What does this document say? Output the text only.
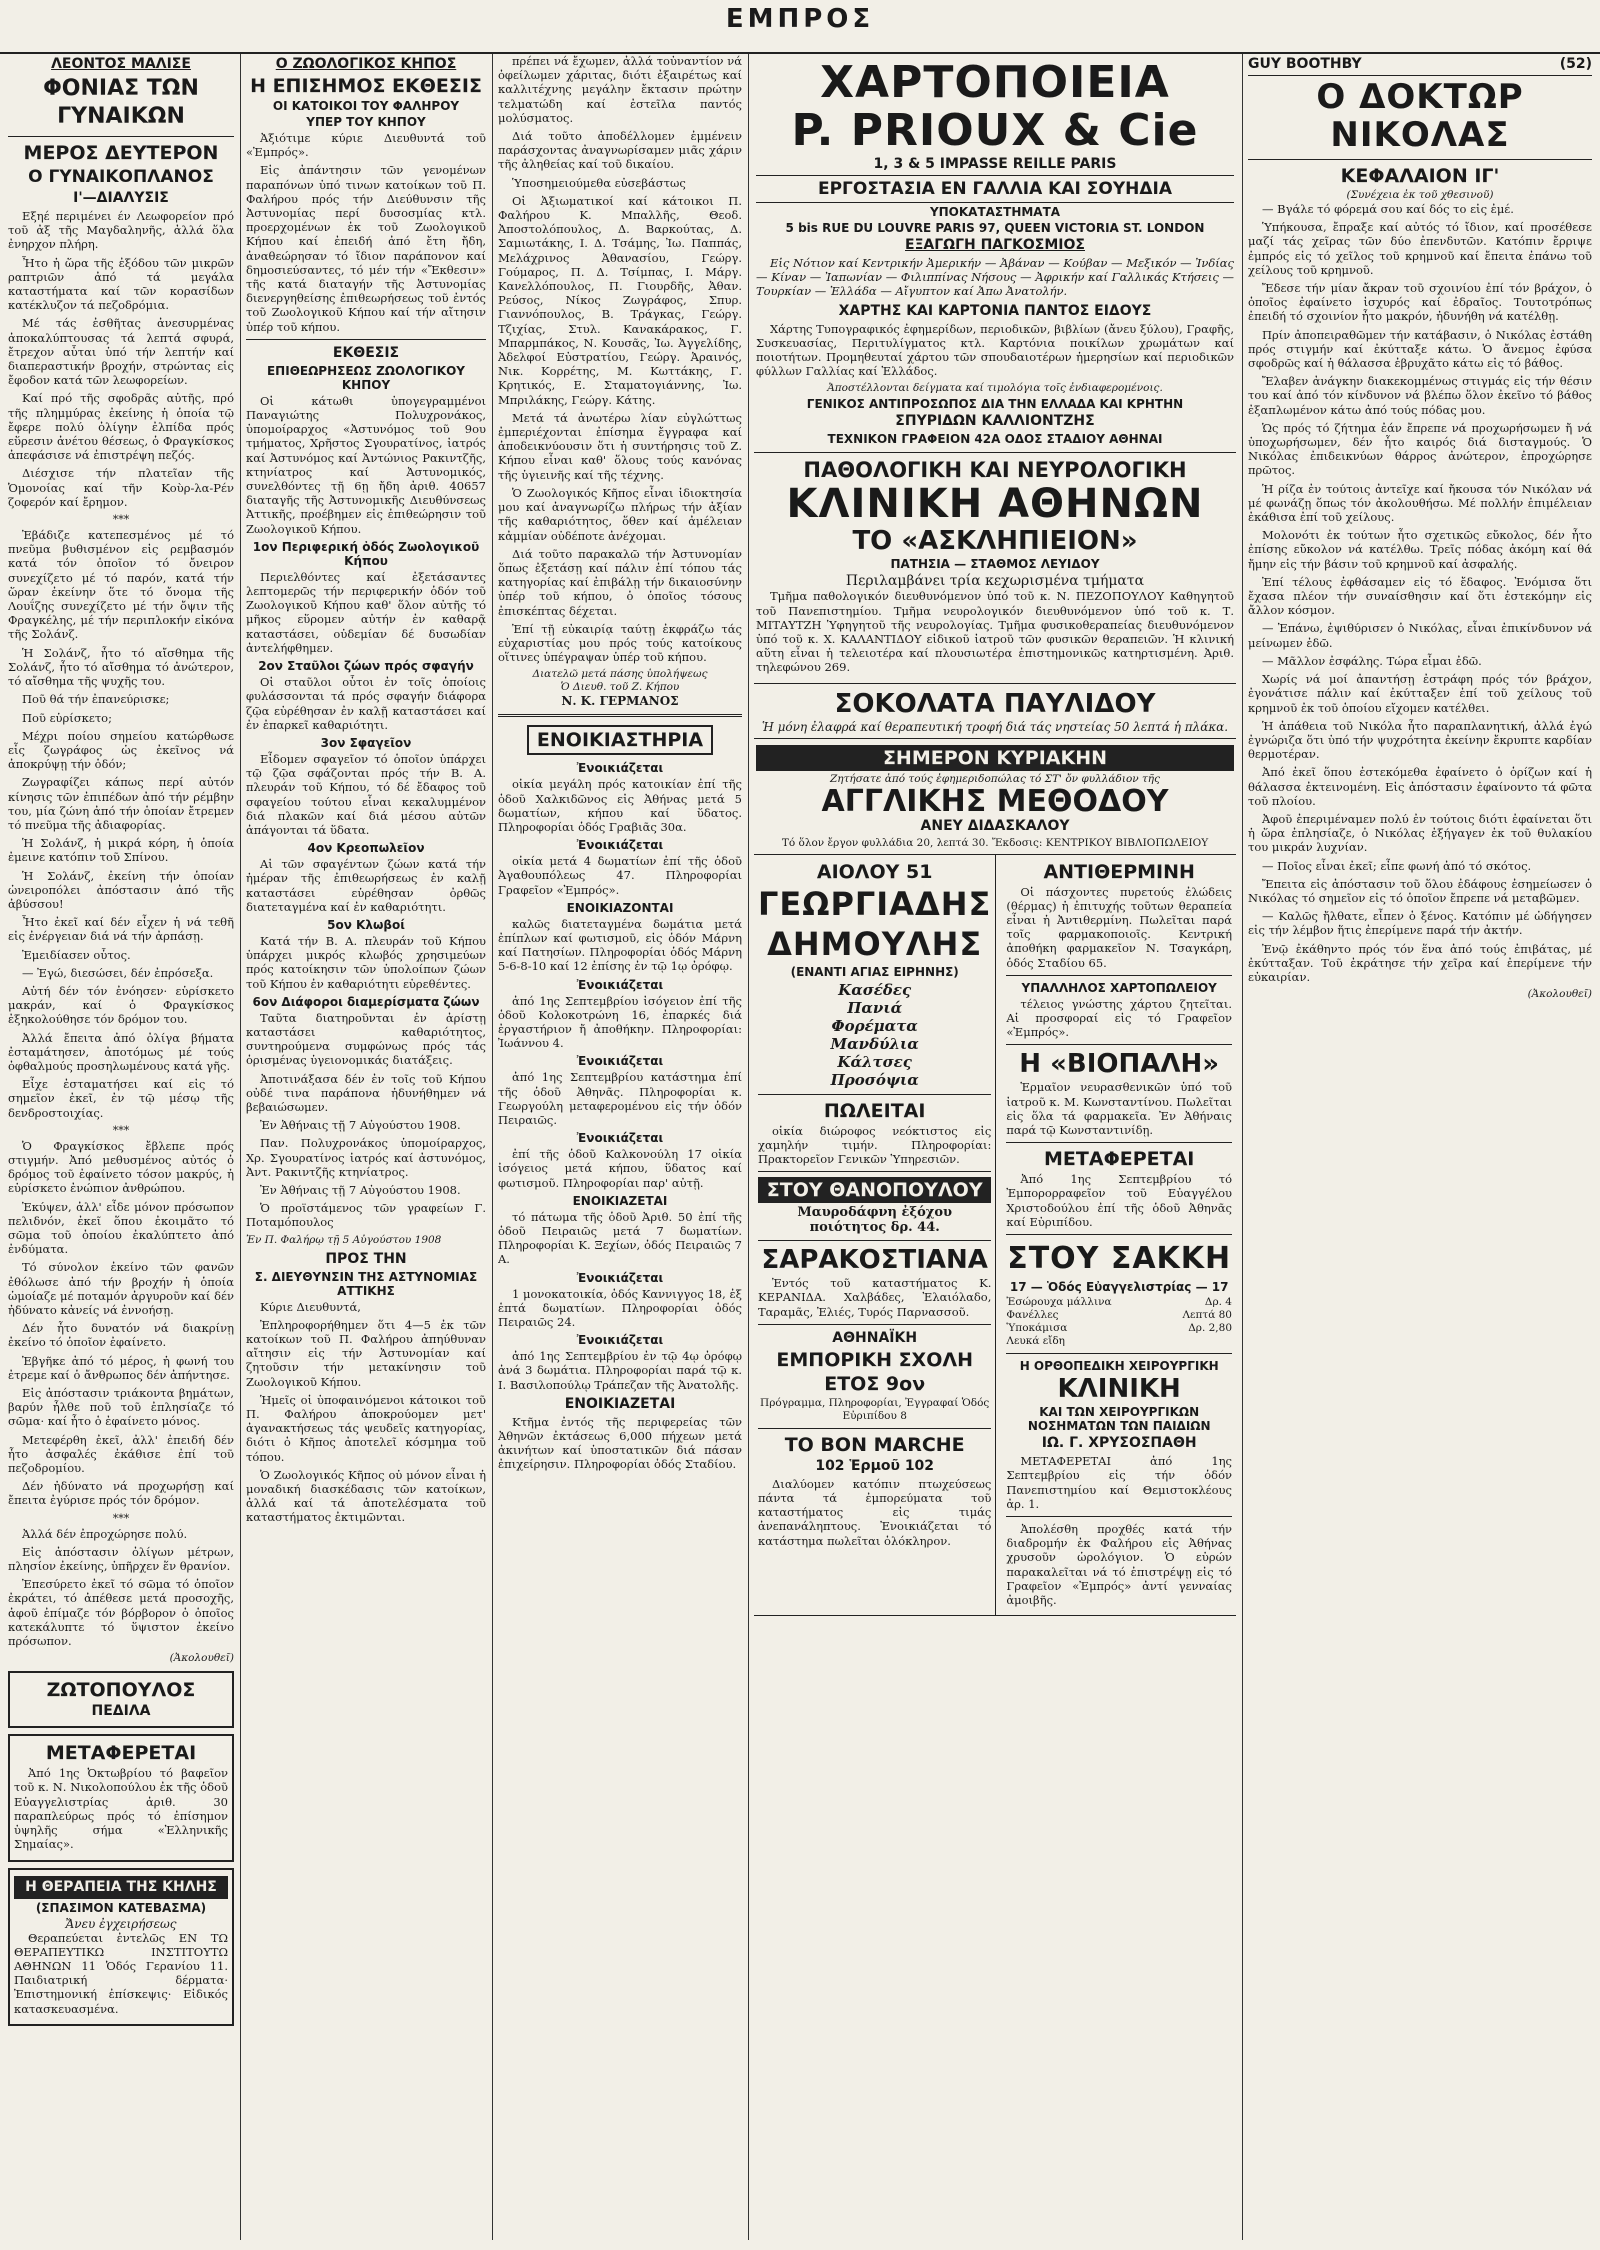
ΕΜΠΡΟΣ
ΛΕΟΝΤΟΣ ΜΑΛΙΣΕ
ΦΟΝΙΑΣ ΤΩΝ ΓΥΝΑΙΚΩΝ
ΜΕΡΟΣ ΔΕΥΤΕΡΟΝ
Ο ΓΥΝΑΙΚΟΠΛΑΝΟΣ
Ι'—ΔΙΑΛΥΣΙΣ

Εξηέ περιμένει έν Λεωφορείον πρό τοῦ ἀξ τῆς Μαγδαληνῆς, ἀλλά ὅλα ἐνηρχον πλήρη.

Ἦτο ἡ ὥρα τῆς ἐξόδου τῶν μικρῶν ραπτριῶν ἀπό τά μεγάλα καταστήματα καί τῶν κορασίδων κατέκλυζον τά πεζοδρόμια.

Μέ τάς ἐσθῆτας ἀνεσυρμένας ἀποκαλύπτουσας τά λεπτά σφυρά, ἔτρεχον αὗται ὑπό τήν λεπτήν καί διαπεραστικήν βροχήν, στρώντας εἰς ἔφοδον κατά τῶν λεωφορείων.

Καί πρό τῆς σφοδρᾶς αὐτῆς, πρό τῆς πλημμύρας ἐκείνης ἡ ὁποία τῷ ἔφερε πολύ ὀλίγην ἐλπίδα πρός εὕρεσιν ἀνέτου θέσεως, ὁ Φραγκίσκος ἀπεφάσισε νά ἐπιστρέψη πεζός.

Διέσχισε τήν πλατεῖαν τῆς Ὁμονοίας καί τῆν Κοὺρ-λα-Ρέν ζοφερόν καί ἔρημον.

***

Ἐβάδιζε κατεπεσμένος μέ τό πνεῦμα βυθισμένον εἰς ρεμβασμόν κατά τόν ὁποῖον τό ὄνειρον συνεχίζετο μέ τό παρόν, κατά τήν ὥραν ἐκείνην ὅτε τό ὄνομα τῆς Λουΐζης συνεχίζετο μέ τήν ὄψιν τῆς Φραγκέλης, μέ τήν περιπλοκήν εἰκόνα τῆς Σολάνζ.

Ἡ Σολάνζ, ἦτο τό αἴσθημα τῆς Σολάνζ, ἦτο τό αἴσθημα τό ἀνώτερον, τό αἴσθημα τῆς ψυχῆς του.

Ποῦ θά τήν ἐπανεύρισκε;

Ποῦ εὑρίσκετο;

Μέχρι ποίου σημείου κατώρθωσε εἷς ζωγράφος ὡς ἐκεῖνος νά ἀποκρύψῃ τήν ὁδόν;

Ζωγραφίζει κάπως περί αὐτόν κίνησις τῶν ἐπιπέδων ἀπό τήν ρέμβην του, μία ζώνη ἀπό τήν ὁποίαν ἔτρεμεν τό πνεῦμα τῆς ἀδιαφορίας.

Ἡ Σολάνζ, ἡ μικρά κόρη, ἡ ὁποία ἐμεινε κατόπιν τοῦ Σπίνου.

Ἡ Σολάνζ, ἐκείνη τήν ὁποίαν ὠνειροπόλει ἀπόστασιν ἀπό τῆς ἀβύσσου!

Ἦτο ἐκεῖ καί δέν εἶχεν ἡ νά τεθῆ εἰς ἐνέργειαν διά νά τήν ἀρπάσῃ.

Ἐμειδίασεν οὗτος.

— Ἐγώ, διεσώσει, δέν ἐπρόσεξα.

Αὐτή δέν τόν ἐνόησεν· εὑρίσκετο μακράν, καί ὁ Φραγκίσκος ἐξηκολούθησε τόν δρόμον του.

Ἀλλά ἔπειτα ἀπό ὀλίγα βήματα ἐσταμάτησεν, ἀποτόμως μέ τούς ὀφθαλμούς προσηλωμένους κατά γῆς.

Εἶχε ἐσταματήσει καί εἰς τό σημεῖον ἐκεῖ, ἐν τῷ μέσῳ τῆς δενδροστοιχίας.

***

Ὁ Φραγκίσκος ἔβλεπε πρός στιγμήν. Ἀπό μεθυσμένος αὐτός ὁ δρόμος τοῦ ἐφαίνετο τόσον μακρύς, ἡ εὑρίσκετο ἐνώπιον ἀνθρώπου.

Ἐκύψεν, ἀλλ' εἶδε μόνον πρόσωπον πελιδνόν, ἐκεῖ ὅπου ἐκοιμᾶτο τό σῶμα τοῦ ὁποίου ἐκαλύπτετο ἀπό ἐνδύματα.

Τό σύνολον ἐκείνο τῶν φανῶν ἐθόλωσε ἀπό τήν βροχήν ἡ ὁποία ὡμοίαζε μέ ποταμόν ἀργυροῦν καί δέν ἠδύνατο κἀνείς νά ἐννοήσῃ.

Δέν ἦτο δυνατόν νά διακρίνῃ ἐκείνο τό ὁποῖον ἐφαίνετο.

Ἐβγῆκε ἀπό τό μέρος, ἡ φωνή του ἐτρεμε καί ὁ ἄνθρωπος δέν ἀπήντησε.

Εἰς ἀπόστασιν τριάκοντα βημάτων, βαρύν ἦλθε ποῦ τοῦ ἐπλησίαζε τό σῶμα· καί ἦτο ὁ ἐφαίνετο μόνος.

Μετεφέρθη ἐκεῖ, ἀλλ' ἐπειδή δέν ἦτο ἀσφαλές ἐκάθισε ἐπί τοῦ πεζοδρομίου.

Δέν ἠδύνατο νά προχωρήσῃ καί ἔπειτα ἐγύρισε πρός τόν δρόμον.

***

Ἀλλά δέν ἐπροχώρησε πολύ.

Εἰς ἀπόστασιν ὀλίγων μέτρων, πλησίον ἐκείνης, ὑπῆρχεν ἕν θρανίον.

Ἐπεσύρετο ἐκεῖ τό σῶμα τό ὁποῖον ἐκράτει, τό ἀπέθεσε μετά προσοχῆς, ἀφοῦ ἐπίμαζε τόν βόρβορον ὁ ὁποῖος κατεκάλυπτε τό ὕψιστον ἐκείνο πρόσωπον.

(Ἀκολουθεῖ)
ΖΩΤΟΠΟΥΛΟΣ
ΠΕΔΙΛΑ
ΜΕΤΑΦΕΡΕΤΑΙ

Ἀπό 1ης Ὀκτωβρίου τό βαφεῖον τοῦ κ. Ν. Νικολοπούλου ἐκ τῆς ὁδοῦ Εὐαγγελιστρίας ἀριθ. 30 παραπλεύρως πρός τό ἐπίσημον ὑψηλῆς σήμα «Ἐλληνικῆς Σημαίας».

Η ΘΕΡΑΠΕΙΑ ΤΗΣ ΚΗΛΗΣ
(ΣΠΑΣΙΜΟΝ ΚΑΤΕΒΑΣΜΑ)
Ἄνευ ἐγχειρήσεως

Θεραπεύεται ἐντελῶς ΕΝ ΤΩ ΘΕΡΑΠΕΥΤΙΚΩ ΙΝΣΤΙΤΟΥΤΩ ΑΘΗΝΩΝ 11 Ὁδός Γερανίου 11. Παιδιατρική δέρματα· Ἐπιστημονική ἐπίσκεψις· Εἰδικός κατασκευασμένα.

Ο ΖΩΟΛΟΓΙΚΟΣ ΚΗΠΟΣ
Η ΕΠΙΣΗΜΟΣ ΕΚΘΕΣΙΣ
ΟΙ ΚΑΤΟΙΚΟΙ ΤΟΥ ΦΑΛΗΡΟΥ
ΥΠΕΡ ΤΟΥ ΚΗΠΟΥ

Ἀξιότιμε κύριε Διευθυντά τοῦ «Ἐμπρός».

Εἰς ἀπάντησιν τῶν γενομένων παραπόνων ὑπό τινων κατοίκων τοῦ Π. Φαλήρου πρός τήν Διεύθυνσιν τῆς Ἀστυνομίας περί δυσοσμίας κτλ. προερχομένων ἐκ τοῦ Ζωολογικοῦ Κήπου καί ἐπειδή ἀπό ἔτη ἤδη, ἀναθεώρησαν τό ἴδιον παράπονον καί δημοσιεύσαντες, τό μέν τήν «Ἔκθεσιν» τῆς κατά διαταγήν τῆς Ἀστυνομίας διενεργηθείσης ἐπιθεωρήσεως τοῦ ἐντός τοῦ Ζωολογικοῦ Κήπου καί τήν αἴτησιν ὑπέρ τοῦ κήπου.

ΕΚΘΕΣΙΣ
ΕΠΙΘΕΩΡΗΣΕΩΣ ΖΩΟΛΟΓΙΚΟΥ ΚΗΠΟΥ

Οἱ κάτωθι ὑπογεγραμμένοι Παναγιώτης Πολυχρονάκος, ὑπομοίραρχος «Ἀστυνόμος τοῦ 9ου τμήματος, Χρῆστος Σγουρατίνος, ἰατρός καί Ἀστυνόμος καί Ἀντώνιος Ρακιντζῆς, κτηνίατρος καί Ἀστυνομικός, συνελθόντες τῇ 6ῃ ἤδη ἀριθ. 40657 διαταγῆς τῆς Ἀστυνομικῆς Διευθύνσεως Ἀττικῆς, προέβημεν εἰς ἐπιθεώρησιν τοῦ Ζωολογικοῦ Κήπου.

1ον Περιφερική ὁδός Ζωολογικοῦ Κήπου

Περιελθόντες καί ἐξετάσαντες λεπτομερῶς τήν περιφερικήν ὁδόν τοῦ Ζωολογικοῦ Κήπου καθ' ὅλον αὐτῆς τό μῆκος εὕρομεν αὐτήν ἐν καθαρᾷ καταστάσει, οὐδεμίαν δέ δυσωδίαν ἀντελήφθημεν.

2ον Σταῦλοι ζώων πρός σφαγήν

Οἱ σταῦλοι οὗτοι ἐν τοῖς ὁποίοις φυλάσσονται τά πρός σφαγήν διάφορα ζῷα εὑρέθησαν ἐν καλῇ καταστάσει καί ἐν ἐπαρκεῖ καθαριότητι.

3ον Σφαγεῖον

Εἶδομεν σφαγεῖον τό ὁποῖον ὑπάρχει τῷ ζῷα σφάζονται πρός τήν Β. Α. πλευράν τοῦ Κήπου, τό δέ ἔδαφος τοῦ σφαγείου τούτου εἶναι κεκαλυμμένον διά πλακῶν καί διά μέσου αὐτῶν ἀπάγονται τά ὕδατα.

4ον Κρεοπωλεῖον

Αἱ τῶν σφαγέντων ζώων κατά τήν ἡμέραν τῆς ἐπιθεωρήσεως ἐν καλῇ καταστάσει εὑρέθησαν ὀρθῶς διατεταγμένα καί ἐν καθαριότητι.

5ον Κλωβοί

Κατά τήν Β. Α. πλευράν τοῦ Κήπου ὑπάρχει μικρός κλωβός χρησιμεύων πρός κατοίκησιν τῶν ὑπολοίπων ζώων τοῦ Κήπου ἐν καθαριότητι εὑρεθέντες.

6ον Διάφοροι διαμερίσματα ζώων

Ταῦτα διατηροῦνται ἐν ἀρίστῃ καταστάσει καθαριότητος, συντηρούμενα συμφώνως πρός τάς ὁρισμένας ὑγειονομικάς διατάξεις.

Ἀποτινάξασα δέν ἐν τοῖς τοῦ Κήπου οὐδέ τινα παράπονα ἠδυνήθημεν νά βεβαιώσωμεν.

Ἐν Ἀθήναις τῇ 7 Αὐγούστου 1908.

Παν. Πολυχρονάκος ὑπομοίραρχος, Χρ. Σγουρατίνος ἰατρός καί ἀστυνόμος, Ἀντ. Ρακιντζῆς κτηνίατρος.

Ἐν Ἀθήναις τῇ 7 Αὐγούστου 1908.

Ὁ προϊστάμενος τῶν γραφείων Γ. Ποταμόπουλος

Ἐν Π. Φαλήρῳ τῇ 5 Αὐγούστου 1908
ΠΡΟΣ ΤΗΝ
Σ. ΔΙΕΥΘΥΝΣΙΝ ΤΗΣ ΑΣΤΥΝΟΜΙΑΣ ΑΤΤΙΚΗΣ

Κύριε Διευθυντά,

Ἐπληροφορήθημεν ὅτι 4—5 ἐκ τῶν κατοίκων τοῦ Π. Φαλήρου ἀπηύθυναν αἴτησιν εἰς τήν Ἀστυνομίαν καί ζητοῦσιν τήν μετακίνησιν τοῦ Ζωολογικοῦ Κήπου.

Ἡμεῖς οἱ ὑποφαινόμενοι κάτοικοι τοῦ Π. Φαλήρου ἀποκρούομεν μετ' ἀγανακτήσεως τάς ψευδεῖς κατηγορίας, διότι ὁ Κῆπος ἀποτελεῖ κόσμημα τοῦ τόπου.

Ὁ Ζωολογικός Κῆπος οὐ μόνον εἶναι ἡ μοναδική διασκέδασις τῶν κατοίκων, ἀλλά καί τά ἀποτελέσματα τοῦ καταστήματος ἐκτιμῶνται.

πρέπει νά ἔχωμεν, ἀλλά τοὐναντίον νά ὀφείλωμεν χάριτας, διότι ἐξαιρέτως καί καλλιτέχνης μεγάλην ἔκτασιν πρώτην τελματώδη καί ἐστεῖλα παντός μολύσματος.

Διά τοῦτο ἀποδέλλομεν ἐμμένειν παράσχοντας ἀναγνωρίσαμεν μιᾶς χάριν τῆς ἀληθείας καί τοῦ δικαίου.

Ὑποσημειούμεθα εὐσεβάστως

Οἱ Ἀξιωματικοί καί κάτοικοι Π. Φαλήρου Κ. Μπαλλῆς, Θεοδ. Ἀποστολόπουλος, Δ. Βαρκούτας, Δ. Σαμιωτάκης, Ι. Δ. Τσάμης, Ἰω. Παππάς, Μελάχρινος Ἀθανασίου, Γεώργ. Γούμαρος, Π. Δ. Τσίμπας, Ι. Μάργ. Κανελλόπουλος, Π. Γιουρδῆς, Ἀθαν. Ρεύσος, Νίκος Ζωγράφος, Σπυρ. Γιαννόπουλος, Β. Τράγκας, Γεώργ. Τζιχίας, Στυλ. Κανακάρακος, Γ. Μπαρμπάκος, Ν. Κουσᾶς, Ἰω. Ἀγγελίδης, Ἀδελφοί Εὐστρατίου, Γεώργ. Ἀραινός, Νικ. Κορρέτης, Μ. Κωττάκης, Γ. Κρητικός, Ε. Σταματογιάννης, Ἰω. Μπριλάκης, Γεώργ. Κάτης.

Μετά τά ἀνωτέρω λίαν εὐγλώττως ἐμπεριέχονται ἐπίσημα ἔγγραφα καί ἀποδεικνύουσιν ὅτι ἡ συντήρησις τοῦ Ζ. Κήπου εἶναι καθ' ὅλους τούς κανόνας τῆς ὑγιεινῆς καί τῆς τέχνης.

Ὁ Ζωολογικός Κῆπος εἶναι ἰδιοκτησία μου καί ἀναγνωρίζω πλήρως τήν ἀξίαν τῆς καθαριότητος, ὅθεν καί ἀμέλειαν κἀμμίαν οὐδέποτε ἀνέχομαι.

Διά τοῦτο παρακαλῶ τήν Ἀστυνομίαν ὅπως ἐξετάσῃ καί πάλιν ἐπί τόπου τάς κατηγορίας καί ἐπιβάλῃ τήν δικαιοσύνην ὑπέρ τοῦ κήπου, ὁ ὁποῖος τόσους ἐπισκέπτας δέχεται.

Ἐπί τῇ εὐκαιρίᾳ ταύτῃ ἐκφράζω τάς εὐχαριστίας μου πρός τούς κατοίκους οἵτινες ὑπέγραψαν ὑπέρ τοῦ κήπου.

Διατελῶ μετά πάσης ὑπολήψεως
Ὁ Διευθ. τοῦ Ζ. Κήπου
Ν. Κ. ΓΕΡΜΑΝΟΣ
ΕΝΟΙΚΙΑΣΤΗΡΙΑ
Ἐνοικιάζεται

οἰκία μεγάλη πρός κατοικίαν ἐπί τῆς ὁδοῦ Χαλκιδῶνος εἰς Ἀθήνας μετά 5 δωματίων, κήπου καί ὕδατος. Πληροφορίαι ὁδός Γραβιᾶς 30α.

Ἐνοικιάζεται

οἰκία μετά 4 δωματίων ἐπί τῆς ὁδοῦ Ἀγαθουπόλεως 47. Πληροφορίαι Γραφεῖον «Ἐμπρός».

ΕΝΟΙΚΙΑΖΟΝΤΑΙ

καλῶς διατεταγμένα δωμάτια μετά ἐπίπλων καί φωτισμοῦ, εἰς ὁδόν Μάρνη καί Πατησίων. Πληροφορίαι ὁδός Μάρνη 5-6-8-10 καί 12 ἐπίσης ἐν τῷ 1ῳ ὀρόφῳ.

Ἐνοικιάζεται

ἀπό 1ης Σεπτεμβρίου ἰσόγειον ἐπί τῆς ὁδοῦ Κολοκοτρώνη 16, ἐπαρκές διά ἐργαστήριον ἤ ἀποθήκην. Πληροφορίαι: Ἰωάννου 4.

Ἐνοικιάζεται

ἀπό 1ης Σεπτεμβρίου κατάστημα ἐπί τῆς ὁδοῦ Ἀθηνᾶς. Πληροφορίαι κ. Γεωργούλη μεταφερομένου εἰς τήν ὁδόν Πειραιῶς.

Ἐνοικιάζεται

ἐπί τῆς ὁδοῦ Καλκονούλη 17 οἰκία ἰσόγειος μετά κήπου, ὕδατος καί φωτισμοῦ. Πληροφορίαι παρ' αὐτῇ.

ΕΝΟΙΚΙΑΖΕΤΑΙ

τό πάτωμα τῆς ὁδοῦ Ἀριθ. 50 ἐπί τῆς ὁδοῦ Πειραιῶς μετά 7 δωματίων. Πληροφορίαι Κ. Ξεχίων, ὁδός Πειραιῶς 7 Α.

Ἐνοικιάζεται

1 μονοκατοικία, ὁδός Καννιγγος 18, ἐξ ἑπτά δωματίων. Πληροφορίαι ὁδός Πειραιῶς 24.

Ἐνοικιάζεται

ἀπό 1ης Σεπτεμβρίου ἐν τῷ 4ῳ ὀρόφῳ ἀνά 3 δωμάτια. Πληροφορίαι παρά τῷ κ. Ι. Βασιλοπούλῳ Τράπεζαν τῆς Ἀνατολῆς.

ΕΝΟΙΚΙΑΖΕΤΑΙ

Κτῆμα ἐντός τῆς περιφερείας τῶν Ἀθηνῶν ἐκτάσεως 6,000 πήχεων μετά ἀκινήτων καί ὑποστατικῶν διά πάσαν ἐπιχείρησιν. Πληροφορίαι ὁδός Σταδίου.

ΧΑΡΤΟΠΟΙΕΙΑ
P. PRIOUX & Cie
1, 3 & 5 IMPASSE REILLE PARIS
ΕΡΓΟΣΤΑΣΙΑ ΕΝ ΓΑΛΛΙΑ ΚΑΙ ΣΟΥΗΔΙΑ
ΥΠΟΚΑΤΑΣΤΗΜΑΤΑ
5 bis RUE DU LOUVRE PARIS 97, QUEEN VICTORIA ST. LONDON
ΕΞΑΓΩΓΗ ΠΑΓΚΟΣΜΙΟΣ

Εἰς Νότιον καί Κεντρικήν Ἀμερικήν — Ἀβάναν — Κούβαν — Μεξικόν — Ἰνδίας — Κίναν — Ἰαπωνίαν — Φιλιππίνας Νήσους — Ἀφρικήν καί Γαλλικάς Κτήσεις — Τουρκίαν — Ἑλλάδα — Αἴγυπτον καί Ἀπω Ἀνατολήν.

ΧΑΡΤΗΣ ΚΑΙ ΚΑΡΤΟΝΙΑ ΠΑΝΤΟΣ ΕΙΔΟΥΣ

Χάρτης Τυπογραφικός ἐφημερίδων, περιοδικῶν, βιβλίων (ἄνευ ξύλου), Γραφῆς, Συσκευασίας, Περιτυλίγματος κτλ. Καρτόνια ποικίλων χρωμάτων καί ποιοτήτων. Προμηθευταί χάρτου τῶν σπουδαιοτέρων ἡμερησίων καί περιοδικῶν φύλλων Γαλλίας καί Ἑλλάδος.

Ἀποστέλλονται δείγματα καί τιμολόγια τοῖς ἐνδιαφερομένοις.
ΓΕΝΙΚΟΣ ΑΝΤΙΠΡΟΣΩΠΟΣ ΔΙΑ ΤΗΝ ΕΛΛΑΔΑ ΚΑΙ ΚΡΗΤΗΝ
ΣΠΥΡΙΔΩΝ ΚΑΛΛΙΟΝΤΖΗΣ
ΤΕΧΝΙΚΟΝ ΓΡΑΦΕΙΟΝ 42Α ΟΔΟΣ ΣΤΑΔΙΟΥ ΑΘΗΝΑΙ
ΠΑΘΟΛΟΓΙΚΗ ΚΑΙ ΝΕΥΡΟΛΟΓΙΚΗ
ΚΛΙΝΙΚΗ ΑΘΗΝΩΝ
ΤΟ «ΑΣΚΛΗΠΙΕΙΟΝ»
ΠΑΤΗΣΙΑ — ΣΤΑΘΜΟΣ ΛΕΥΙΔΟΥ
Περιλαμβάνει τρία κεχωρισμένα τμήματα

Τμῆμα παθολογικόν διευθυνόμενον ὑπό τοῦ κ. Ν. ΠΕΖΟΠΟΥΛΟΥ Καθηγητοῦ τοῦ Πανεπιστημίου. Τμῆμα νευρολογικόν διευθυνόμενον ὑπό τοῦ κ. Τ. ΜΙΤΑΥΤΖΗ Ὑφηγητοῦ τῆς νευρολογίας. Τμῆμα φυσικοθεραπείας διευθυνόμενον ὑπό τοῦ κ. Χ. ΚΑΛΑΝΤΙΔΟΥ εἰδικοῦ ἰατροῦ τῶν φυσικῶν θεραπειῶν. Ἡ κλινική αὕτη εἶναι ἡ τελειοτέρα καί πλουσιωτέρα ἐπιστημονικῶς κατηρτισμένη. Ἀριθ. τηλεφώνου 269.

ΣΟΚΟΛΑΤΑ ΠΑΥΛΙΔΟΥ
Ἡ μόνη ἐλαφρά καί θεραπευτική τροφή διά τάς νηστείας 50 λεπτά ἡ πλάκα.
ΣΗΜΕΡΟΝ ΚΥΡΙΑΚΗΝ
Ζητήσατε ἀπό τούς ἐφημεριδοπώλας τό ΣΤ' ὄν φυλλάδιον τῆς
ΑΓΓΛΙΚΗΣ ΜΕΘΟΔΟΥ
ΑΝΕΥ ΔΙΔΑΣΚΑΛΟΥ
Τό ὅλον ἔργον φυλλάδια 20, λεπτά 30. Ἔκδοσις: ΚΕΝΤΡΙΚΟΥ ΒΙΒΛΙΟΠΩΛΕΙΟΥ
ΑΙΟΛΟΥ 51
ΓΕΩΡΓΙΑΔΗΣ
ΔΗΜΟΥΛΗΣ
(ΕΝΑΝΤΙ ΑΓΙΑΣ ΕΙΡΗΝΗΣ)
Κασέδες
Πανιά
Φορέματα
Μανδύλια
Κάλτσες
Προσόψια
ΠΩΛΕΙΤΑΙ

οἰκία διώροφος νεόκτιστος εἰς χαμηλήν τιμήν. Πληροφορίαι: Πρακτορεῖον Γενικῶν Ὑπηρεσιῶν.

ΣΤΟΥ ΘΑΝΟΠΟΥΛΟΥ
Μαυροδάφνη ἐξόχου ποιότητος δρ. 44.
ΣΑΡΑΚΟΣΤΙΑΝΑ

Ἐντός τοῦ καταστήματος Κ. ΚΕΡΑΝΙΔΑ. Χαλβάδες, Ἐλαιόλαδο, Ταραμᾶς, Ἐλιές, Τυρός Παρνασσοῦ.

ΑΘΗΝΑΪΚΗ
ΕΜΠΟΡΙΚΗ ΣΧΟΛΗ
ΕΤΟΣ 9ον
Πρόγραμμα, Πληροφορίαι, Ἐγγραφαί Ὁδός Εὐριπίδου 8
ΤΟ BON MARCHE
102 Ἑρμοῦ 102

Διαλύομεν κατόπιν πτωχεύσεως πάντα τά ἐμπορεύματα τοῦ καταστήματος εἰς τιμάς ἀνεπανάληπτους. Ἐνοικιάζεται τό κατάστημα πωλεῖται ὁλόκληρον.

ΑΝΤΙΘΕΡΜΙΝΗ

Οἱ πάσχοντες πυρετούς ἐλώδεις (θέρμας) ἡ ἐπιτυχής τοῦτων θεραπεία εἶναι ἡ Ἀντιθερμίνη. Πωλεῖται παρά τοῖς φαρμακοποιοῖς. Κεντρική ἀποθήκη φαρμακεῖον Ν. Τσαγκάρη, ὁδός Σταδίου 65.

ΥΠΑΛΛΗΛΟΣ ΧΑΡΤΟΠΩΛΕΙΟΥ

τέλειος γνώστης χάρτου ζητεῖται. Αἱ προσφοραί εἰς τό Γραφεῖον «Ἐμπρός».

Η «ΒΙΟΠΑΛΗ»

Ἑρμαῖον νευρασθενικῶν ὑπό τοῦ ἰατροῦ κ. Μ. Κωνσταντίνου. Πωλεῖται εἰς ὅλα τά φαρμακεῖα. Ἐν Ἀθήναις παρά τῷ Κωνσταντινίδῃ.

ΜΕΤΑΦΕΡΕΤΑΙ

Ἀπό 1ης Σεπτεμβρίου τό Ἐμπορορραφεῖον τοῦ Εὐαγγέλου Χριστοδούλου ἐπί τῆς ὁδοῦ Ἀθηνᾶς καί Εὐριπίδου.

ΣΤΟΥ ΣΑΚΚΗ
17 — Ὁδός Εὐαγγελιστρίας — 17
Ἐσώρουχα μάλλινα	Δρ. 4
Φανέλλες	Λεπτά 80
Ὑποκάμισα	Δρ. 2,80
Λευκά εἴδη
Η ΟΡΘΟΠΕΔΙΚΗ ΧΕΙΡΟΥΡΓΙΚΗ
ΚΛΙΝΙΚΗ
ΚΑΙ ΤΩΝ ΧΕΙΡΟΥΡΓΙΚΩΝ ΝΟΣΗΜΑΤΩΝ ΤΩΝ ΠΑΙΔΙΩΝ
ΙΩ. Γ. ΧΡΥΣΟΣΠΑΘΗ

ΜΕΤΑΦΕΡΕΤΑΙ ἀπό 1ης Σεπτεμβρίου εἰς τήν ὁδόν Πανεπιστημίου καί Θεμιστοκλέους ἀρ. 1.

Ἀπολέσθη προχθές κατά τήν διαδρομήν ἐκ Φαλήρου εἰς Ἀθήνας χρυσοῦν ὡρολόγιον. Ὁ εὑρών παρακαλεῖται νά τό ἐπιστρέψῃ εἰς τό Γραφεῖον «Ἐμπρός» ἀντί γενναίας ἀμοιβῆς.

GUY BOOTHBY	(52)
Ο ΔΟΚΤΩΡ ΝΙΚΟΛΑΣ
ΚΕΦΑΛΑΙΟΝ ΙΓ'
(Συνέχεια ἐκ τοῦ χθεσινοῦ)

— Βγάλε τό φόρεμά σου καί δός το εἰς ἐμέ.

Ὑπήκουσα, ἔπραξε καί αὐτός τό ἴδιον, καί προσέθεσε μαζί τάς χεῖρας τῶν δύο ἐπενδυτῶν. Κατόπιν ἔρριψε ἐμπρός εἰς τό χεῖλος τοῦ κρημνοῦ καί ἔπειτα ἐπάνω τοῦ χείλους τοῦ κρημνοῦ.

Ἔδεσε τήν μίαν ἄκραν τοῦ σχοινίου ἐπί τόν βράχον, ὁ ὁποῖος ἐφαίνετο ἰσχυρός καί ἐδραῖος. Τουτοτρόπως ἐπειδή τό σχοινίον ἦτο μακρόν, ἠδυνήθη νά κατέλθῃ.

Πρίν ἀποπειραθῶμεν τήν κατάβασιν, ὁ Νικόλας ἐστάθη πρός στιγμήν καί ἐκύτταξε κάτω. Ὁ ἄνεμος ἐφύσα σφοδρῶς καί ἡ θάλασσα ἐβρυχᾶτο κάτω εἰς τό βάθος.

Ἔλαβεν ἀνάγκην διακεκομμένως στιγμάς εἰς τήν θέσιν του καί ἀπό τόν κίνδυνον νά βλέπω ὅλον ἐκεῖνο τό βάθος ἐξαπλωμένον κάτω ἀπό τούς πόδας μου.

Ὡς πρός τό ζήτημα ἐάν ἔπρεπε νά προχωρήσωμεν ἤ νά ὑποχωρήσωμεν, δέν ἦτο καιρός διά δισταγμούς. Ὁ Νικόλας ἐπιδεικνύων θάρρος ἀνώτερον, ἐπροχώρησε πρῶτος.

Ἡ ρίζα ἐν τούτοις ἀντεῖχε καί ἤκουσα τόν Νικόλαν νά μέ φωνάζῃ ὅπως τόν ἀκολουθήσω. Μέ πολλήν ἐπιμέλειαν ἐκάθισα ἐπί τοῦ χείλους.

Μολονότι ἐκ τούτων ἦτο σχετικῶς εὔκολος, δέν ἦτο ἐπίσης εὔκολον νά κατέλθω. Τρεῖς πόδας ἀκόμη καί θά ἤμην εἰς τήν βάσιν τοῦ κρημνοῦ καί ἀσφαλής.

Ἐπί τέλους ἐφθάσαμεν εἰς τό ἔδαφος. Ἐνόμισα ὅτι ἔχασα πλέον τήν συναίσθησιν καί ὅτι ἐστεκόμην εἰς ἄλλον κόσμον.

— Ἐπάνω, ἐψιθύρισεν ὁ Νικόλας, εἶναι ἐπικίνδυνον νά μείνωμεν ἐδῶ.

— Μᾶλλον ἐσφάλης. Τώρα εἶμαι ἐδῶ.

Χωρίς νά μοί ἀπαντήσῃ ἐστράφη πρός τόν βράχον, ἐγονάτισε πάλιν καί ἐκύτταξεν ἐπί τοῦ χείλους τοῦ κρημνοῦ ἐκ τοῦ ὁποίου εἴχομεν κατέλθει.

Ἡ ἀπάθεια τοῦ Νικόλα ἦτο παραπλανητική, ἀλλά ἐγώ ἐγνώριζα ὅτι ὑπό τήν ψυχρότητα ἐκείνην ἔκρυπτε καρδίαν θερμοτέραν.

Ἀπό ἐκεῖ ὅπου ἐστεκόμεθα ἐφαίνετο ὁ ὁρίζων καί ἡ θάλασσα ἐκτεινομένη. Εἰς ἀπόστασιν ἐφαίνοντο τά φῶτα τοῦ πλοίου.

Ἀφοῦ ἐπεριμέναμεν πολύ ἐν τούτοις διότι ἐφαίνεται ὅτι ἡ ὥρα ἐπλησίαζε, ὁ Νικόλας ἐξήγαγεν ἐκ τοῦ θυλακίου του μικράν λυχνίαν.

— Ποῖος εἶναι ἐκεῖ; εἶπε φωνή ἀπό τό σκότος.

Ἔπειτα εἰς ἀπόστασιν τοῦ ὅλου ἐδάφους ἐσημείωσεν ὁ Νικόλας τό σημεῖον εἰς τό ὁποῖον ἔπρεπε νά μεταβῶμεν.

— Καλῶς ἤλθατε, εἶπεν ὁ ξένος. Κατόπιν μέ ὡδήγησεν εἰς τήν λέμβον ἥτις ἐπερίμενε παρά τήν ἀκτήν.

Ἐνῷ ἐκάθηντο πρός τόν ἕνα ἀπό τούς ἐπιβάτας, μέ ἐκύτταξαν. Τοῦ ἐκράτησε τήν χεῖρα καί ἐπερίμενε τήν εὐκαιρίαν.

(Ἀκολουθεῖ)
